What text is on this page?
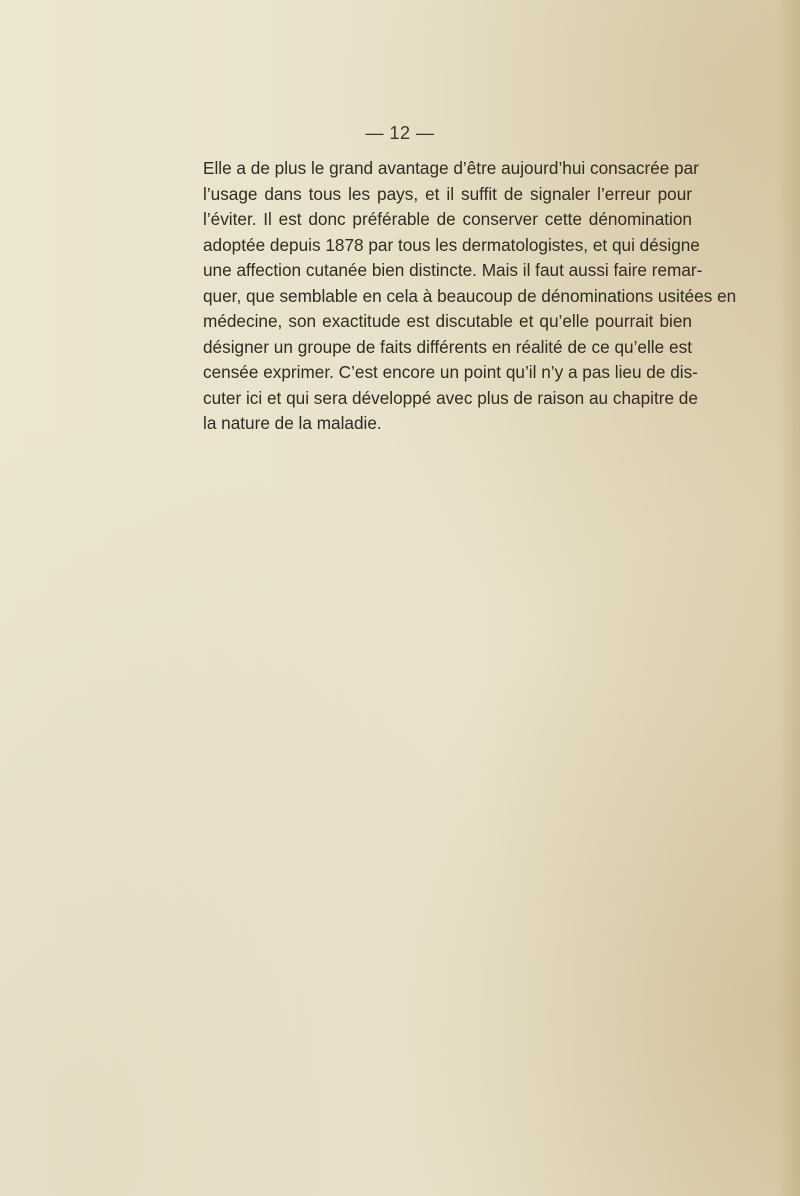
— 12 —
Elle a de plus le grand avantage d’être aujourd’hui consacrée par
l’usage dans tous les pays, et il suffit de signaler l’erreur pour
l’éviter. Il est donc préférable de conserver cette dénomination
adoptée depuis 1878 par tous les dermatologistes, et qui désigne
une affection cutanée bien distincte. Mais il faut aussi faire remar-
quer, que semblable en cela à beaucoup de dénominations usitées en
médecine, son exactitude est discutable et qu’elle pourrait bien
désigner un groupe de faits différents en réalité de ce qu’elle est
censée exprimer. C’est encore un point qu’il n’y a pas lieu de dis-
cuter ici et qui sera développé avec plus de raison au chapitre de
la nature de la maladie.
